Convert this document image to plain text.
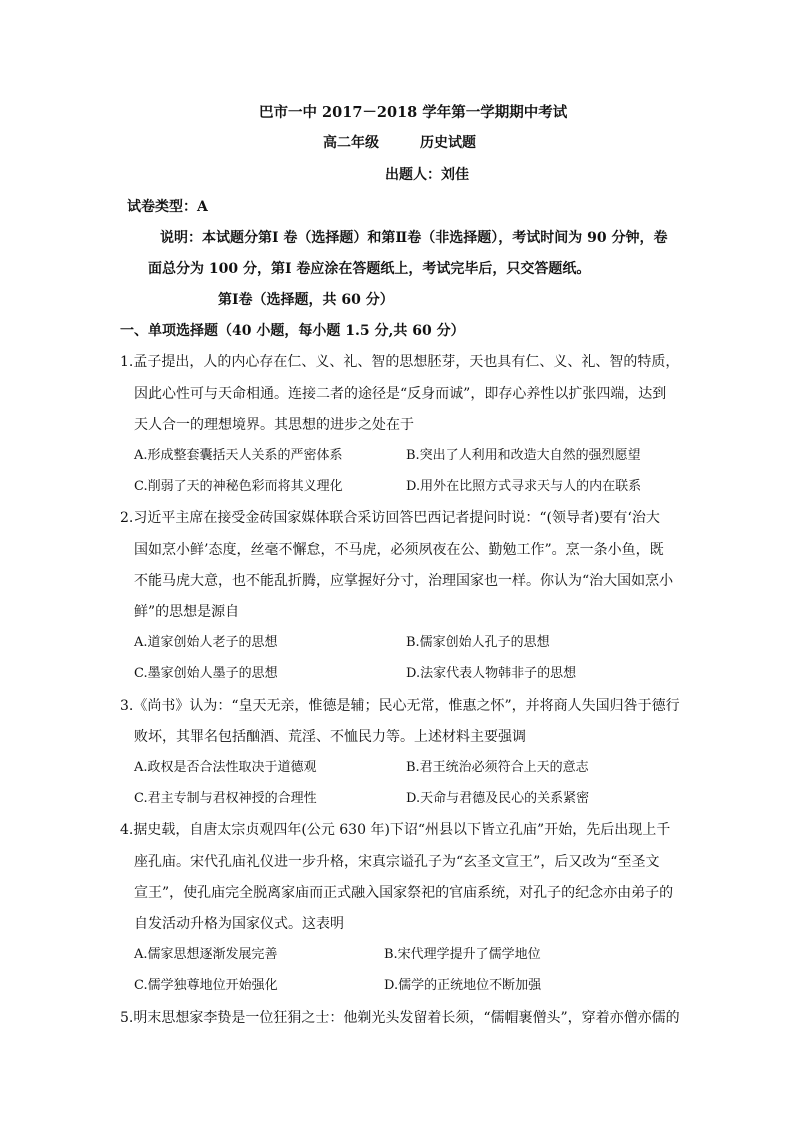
巴市一中 2017－2018 学年第一学期期中考试
高二年级	历史试题
出题人：刘佳
试卷类型：A
说明：本试题分第Ⅰ 卷（选择题）和第Ⅱ卷（非选择题），考试时间为 90 分钟，卷
面总分为 100 分，第Ⅰ 卷应涂在答题纸上，考试完毕后，只交答题纸。
第Ⅰ卷（选择题，共 60 分）
一、单项选择题（40 小题，每小题 1.5 分,共 60 分）
1.孟子提出，人的内心存在仁、义、礼、智的思想胚芽，天也具有仁、义、礼、智的特质，
因此心性可与天命相通。连接二者的途径是“反身而诚”，即存心养性以扩张四端，达到
天人合一的理想境界。其思想的进步之处在于
A.形成整套囊括天人关系的严密体系	B.突出了人利用和改造大自然的强烈愿望
C.削弱了天的神秘色彩而将其义理化	D.用外在比照方式寻求天与人的内在联系
2.习近平主席在接受金砖国家媒体联合采访回答巴西记者提问时说：“(领导者)要有‘治大
国如烹小鲜’态度，丝毫不懈怠，不马虎，必须夙夜在公、勤勉工作”。烹一条小鱼，既
不能马虎大意，也不能乱折腾，应掌握好分寸，治理国家也一样。你认为“治大国如烹小
鲜”的思想是源自
A.道家创始人老子的思想	B.儒家创始人孔子的思想
C.墨家创始人墨子的思想	D.法家代表人物韩非子的思想
3.《尚书》认为：“皇天无亲，惟德是辅；民心无常，惟惠之怀”，并将商人失国归咎于德行
败坏，其罪名包括酗酒、荒淫、不恤民力等。上述材料主要强调
A.政权是否合法性取决于道德观	B.君王统治必须符合上天的意志
C.君主专制与君权神授的合理性	D.天命与君德及民心的关系紧密
4.据史载，自唐太宗贞观四年(公元 630 年)下诏“州县以下皆立孔庙”开始，先后出现上千
座孔庙。宋代孔庙礼仪进一步升格，宋真宗谥孔子为“玄圣文宣王”，后又改为“至圣文
宣王”，使孔庙完全脱离家庙而正式融入国家祭祀的官庙系统，对孔子的纪念亦由弟子的
自发活动升格为国家仪式。这表明
A.儒家思想逐渐发展完善	B.宋代理学提升了儒学地位
C.儒学独尊地位开始强化	D.儒学的正统地位不断加强
5.明末思想家李贽是一位狂狷之士：他剃光头发留着长须，“儒帽裹僧头”，穿着亦僧亦儒的
